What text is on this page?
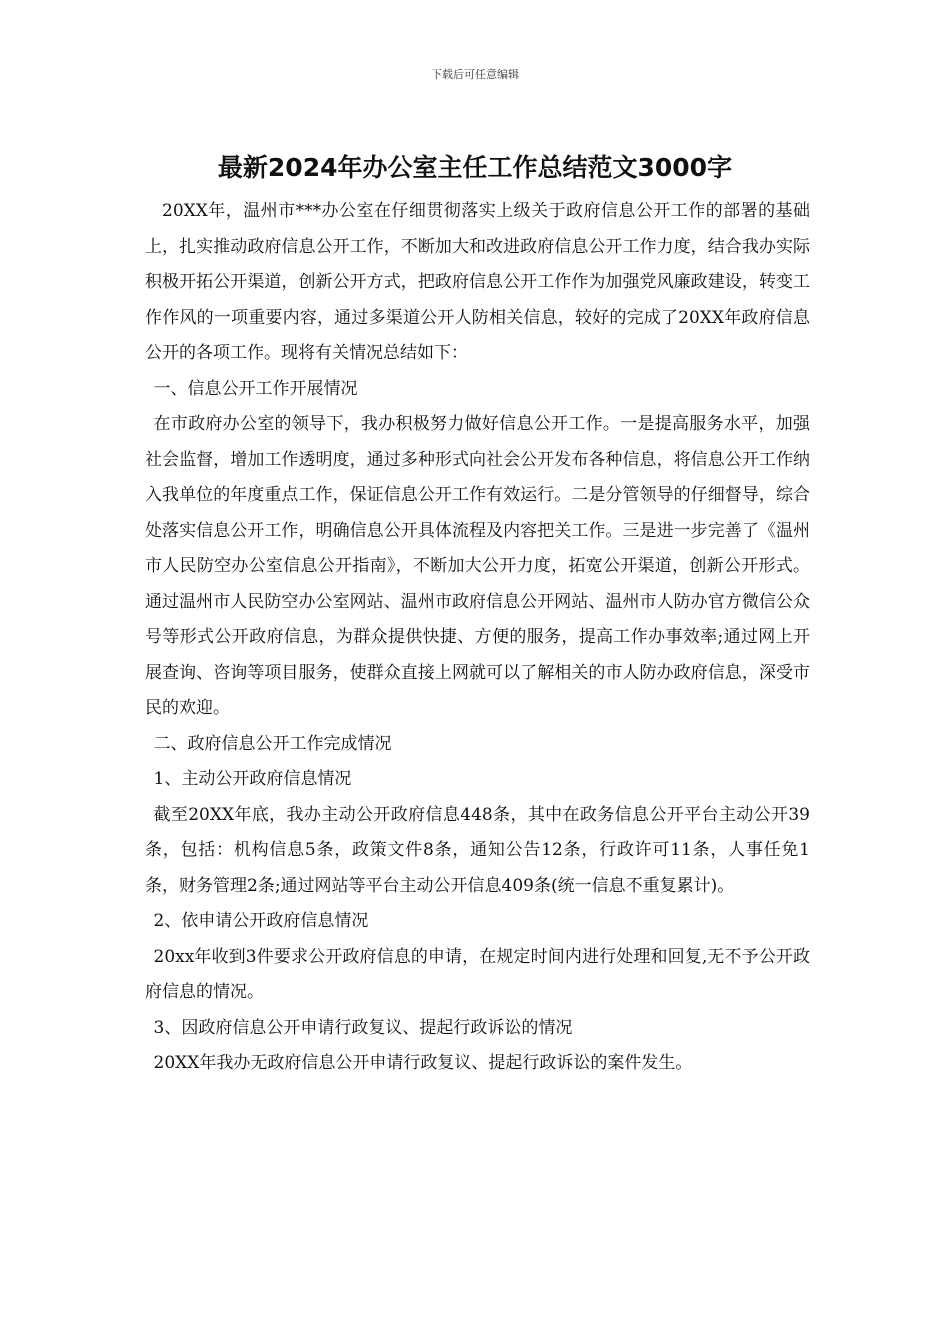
下载后可任意编辑
最新2024年办公室主任工作总结范文3000字

20XX年，温州市***办公室在仔细贯彻落实上级关于政府信息公开工作的部署的基础上，扎实推动政府信息公开工作，不断加大和改进政府信息公开工作力度，结合我办实际积极开拓公开渠道，创新公开方式，把政府信息公开工作作为加强党风廉政建设，转变工作作风的一项重要内容，通过多渠道公开人防相关信息，较好的完成了20XX年政府信息公开的各项工作。现将有关情况总结如下：

一、信息公开工作开展情况

在市政府办公室的领导下，我办积极努力做好信息公开工作。一是提高服务水平，加强社会监督，增加工作透明度，通过多种形式向社会公开发布各种信息，将信息公开工作纳入我单位的年度重点工作，保证信息公开工作有效运行。二是分管领导的仔细督导，综合处落实信息公开工作，明确信息公开具体流程及内容把关工作。三是进一步完善了《温州市人民防空办公室信息公开指南》，不断加大公开力度，拓宽公开渠道，创新公开形式。通过温州市人民防空办公室网站、温州市政府信息公开网站、温州市人防办官方微信公众号等形式公开政府信息，为群众提供快捷、方便的服务，提高工作办事效率;通过网上开展查询、咨询等项目服务，使群众直接上网就可以了解相关的市人防办政府信息，深受市民的欢迎。

二、政府信息公开工作完成情况

1、主动公开政府信息情况

截至20XX年底，我办主动公开政府信息448条，其中在政务信息公开平台主动公开39条，包括：机构信息5条，政策文件8条，通知公告12条，行政许可11条，人事任免1条，财务管理2条;通过网站等平台主动公开信息409条(统一信息不重复累计)。

2、依申请公开政府信息情况

20xx年收到3件要求公开政府信息的申请，在规定时间内进行处理和回复,无不予公开政府信息的情况。

3、因政府信息公开申请行政复议、提起行政诉讼的情况

20XX年我办无政府信息公开申请行政复议、提起行政诉讼的案件发生。
